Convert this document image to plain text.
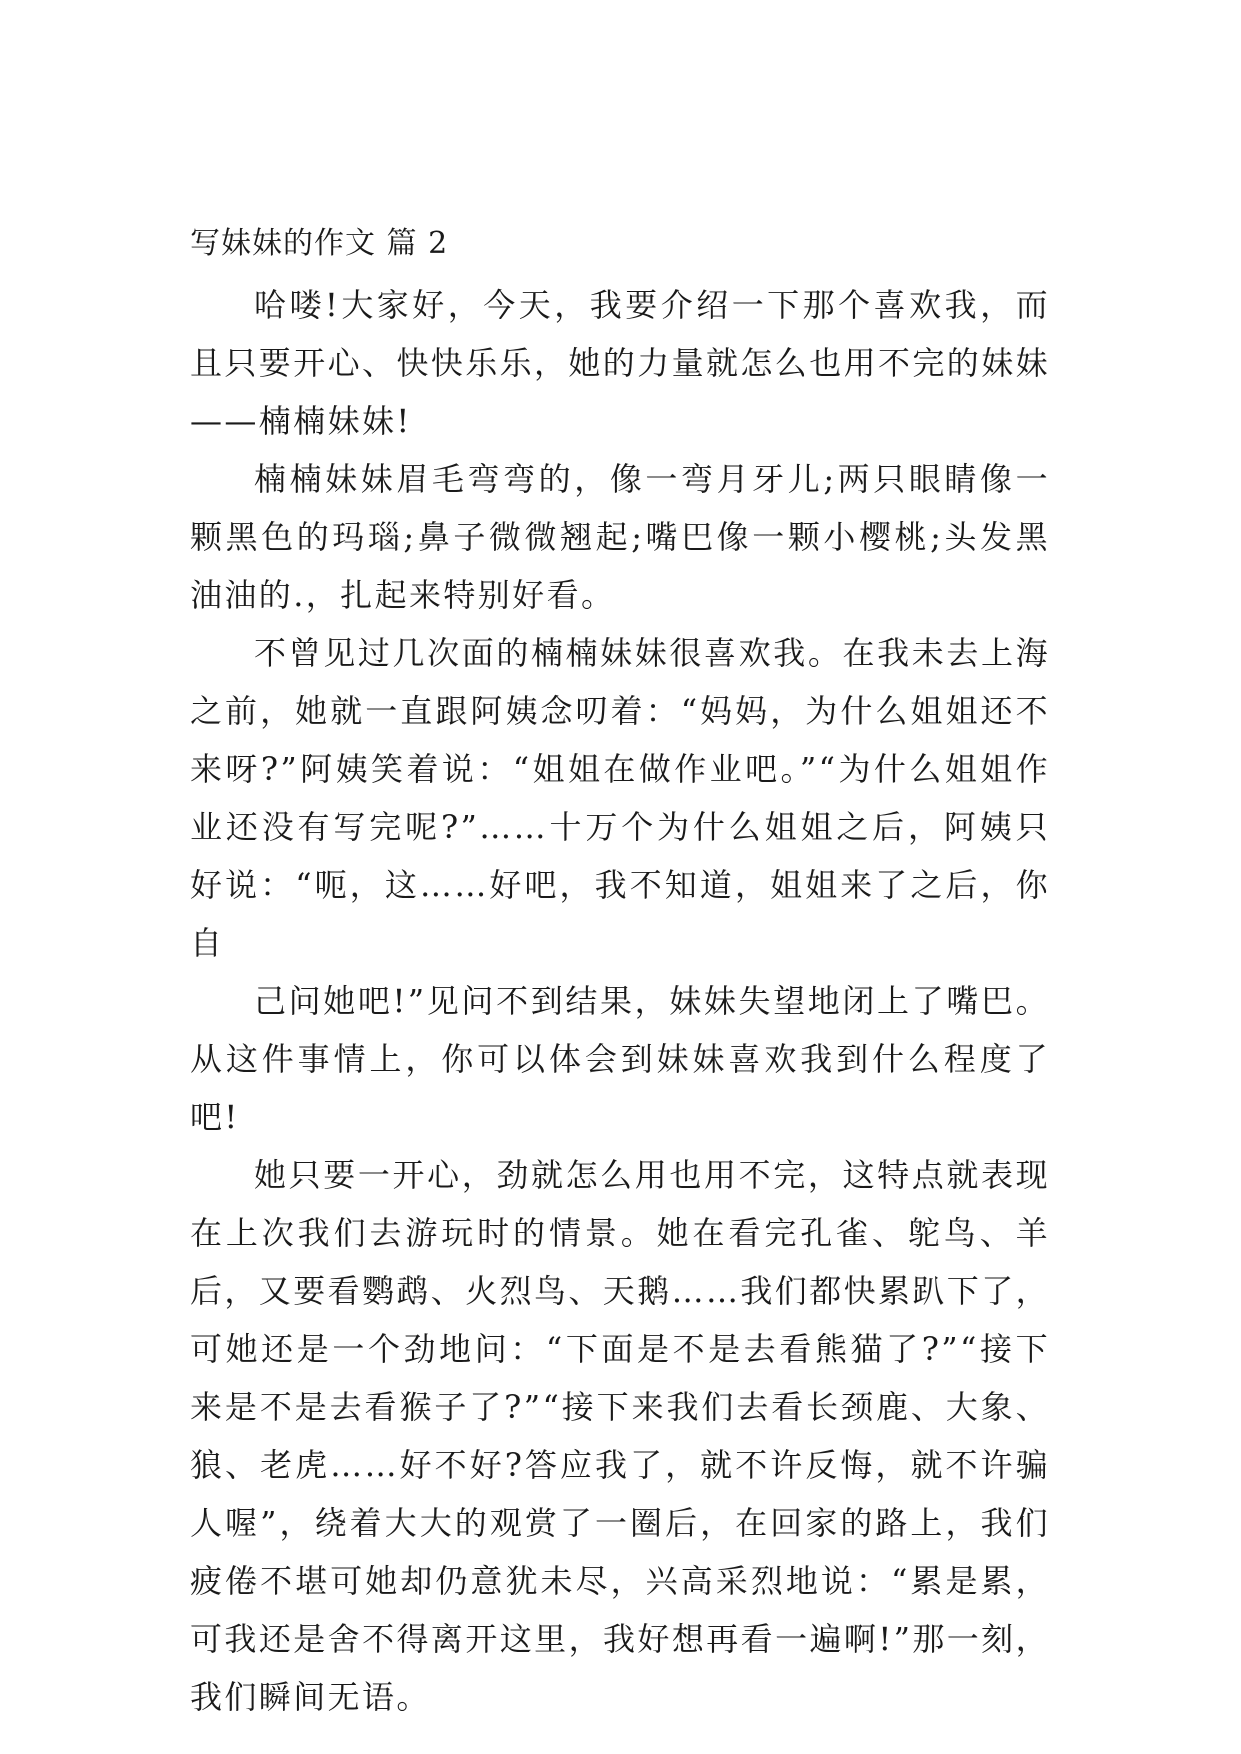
写妹妹的作文 篇 2

哈喽!大家好，今天，我要介绍一下那个喜欢我，而且只要开心、快快乐乐，她的力量就怎么也用不完的妹妹——楠楠妹妹!

楠楠妹妹眉毛弯弯的，像一弯月牙儿;两只眼睛像一颗黑色的玛瑙;鼻子微微翘起;嘴巴像一颗小樱桃;头发黑油油的.，扎起来特别好看。

不曾见过几次面的楠楠妹妹很喜欢我。在我未去上海之前，她就一直跟阿姨念叨着：“妈妈，为什么姐姐还不来呀?”阿姨笑着说：“姐姐在做作业吧。”“为什么姐姐作业还没有写完呢?”……十万个为什么姐姐之后，阿姨只好说：“呃，这……好吧，我不知道，姐姐来了之后，你自

己问她吧!”见问不到结果，妹妹失望地闭上了嘴巴。从这件事情上，你可以体会到妹妹喜欢我到什么程度了吧!

她只要一开心，劲就怎么用也用不完，这特点就表现在上次我们去游玩时的情景。她在看完孔雀、鸵鸟、羊后，又要看鹦鹉、火烈鸟、天鹅……我们都快累趴下了，可她还是一个劲地问：“下面是不是去看熊猫了?”“接下来是不是去看猴子了?”“接下来我们去看长颈鹿、大象、狼、老虎……好不好?答应我了，就不许反悔，就不许骗人喔”，绕着大大的观赏了一圈后，在回家的路上，我们疲倦不堪可她却仍意犹未尽，兴高采烈地说：“累是累，可我还是舍不得离开这里，我好想再看一遍啊!”那一刻，我们瞬间无语。
